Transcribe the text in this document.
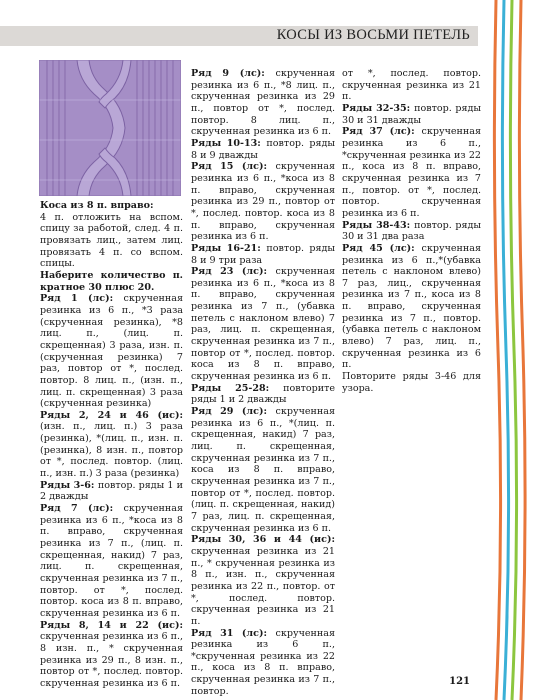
КОСЫ ИЗ ВОСЬМИ ПЕТЕЛЬ

Коса из 8 п. вправо:

4 п. отложить на вспом. спицу за работой, след. 4 п. провязать лиц., затем лиц. провязать 4 п. со вспом. спицы.

Наберите количество п. кратное 30 плюс 20.

Ряд 1 (лс): скрученная резинка из 6 п., *3 раза (скрученная резинка), *8 лиц. п., (лиц. п. скрещенная) 3 раза, изн. п. (скрученная резинка) 7 раз, повтор от *, послед. повтор. 8 лиц. п., (изн. п., лиц. п. скрещенная) 3 раза (скрученная резинка)

Ряды 2, 24 и 46 (ис): (изн. п., лиц. п.) 3 раза (резинка), *(лиц. п., изн. п. (резинка), 8 изн. п., повтор от *, послед. повтор. (лиц. п., изн. п.) 3 раза (резинка)

Ряды 3-6: повтор. ряды 1 и 2 дважды

Ряд 7 (лс): скрученная резинка из 6 п., *коса из 8 п. вправо, скрученная резинка из 7 п., (лиц. п. скрещенная, накид) 7 раз, лиц. п. скрещенная, скрученная резинка из 7 п., повтор. от *, послед. повтор. коса из 8 п. вправо, скрученная резинка из 6 п.

Ряды 8, 14 и 22 (ис): скрученная резинка из 6 п., 8 изн. п., * скрученная резинка из 29 п., 8 изн. п., повтор от *, послед. повтор. скрученная резинка из 6 п.

Ряд 9 (лс): скрученная резинка из 6 п., *8 лиц. п., скрученная резинка из 29 п., повтор от *, послед. повтор. 8 лиц. п., скрученная резинка из 6 п.

Ряды 10-13: повтор. ряды 8 и 9 дважды

Ряд 15 (лс): скрученная резинка из 6 п., *коса из 8 п. вправо, скрученная резинка из 29 п., повтор от *, послед. повтор. коса из 8 п. вправо, скрученная резинка из 6 п.

Ряды 16-21: повтор. ряды 8 и 9 три раза

Ряд 23 (лс): скрученная резинка из 6 п., *коса из 8 п. вправо, скрученная резинка из 7 п., (убавка петель с наклоном влево) 7 раз, лиц. п. скрещенная, скрученная резинка из 7 п., повтор от *, послед. повтор. коса из 8 п. вправо, скрученная резинка из 6 п.

Ряды 25-28: повторите ряды 1 и 2 дважды

Ряд 29 (лс): скрученная резинка из 6 п., *(лиц. п. скрещенная, накид) 7 раз, лиц. п. скрещенная, скрученная резинка из 7 п., коса из 8 п. вправо, скрученная резинка из 7 п., повтор от *, послед. повтор. (лиц. п. скрещенная, накид) 7 раз, лиц. п. скрещенная, скрученная резинка из 6 п.

Ряды 30, 36 и 44 (ис): скрученная резинка из 21 п., * скрученная резинка из 8 п., изн. п., скрученная резинка из 22 п., повтор. от *, послед. повтор. скрученная резинка из 21 п.

Ряд 31 (лс): скрученная резинка из 6 п., *скрученная резинка из 22 п., коса из 8 п. вправо, скрученная резинка из 7 п., повтор.

от *, послед. повтор. скрученная резинка из 21 п.

Ряды 32-35: повтор. ряды 30 и 31 дважды

Ряд 37 (лс): скрученная резинка из 6 п., *скрученная резинка из 22 п., коса из 8 п. вправо, скрученная резинка из 7 п., повтор. от *, послед. повтор. скрученная резинка из 6 п.

Ряды 38-43: повтор. ряды 30 и 31 два раза

Ряд 45 (лс): скрученная резинка из 6 п.,*(убавка петель с наклоном влево) 7 раз, лиц., скрученная резинка из 7 п., коса из 8 п. вправо, скрученная резинка из 7 п., повтор. (убавка петель с наклоном влево) 7 раз, лиц. п., скрученная резинка из 6 п.

Повторите ряды 3-46 для узора.

121
